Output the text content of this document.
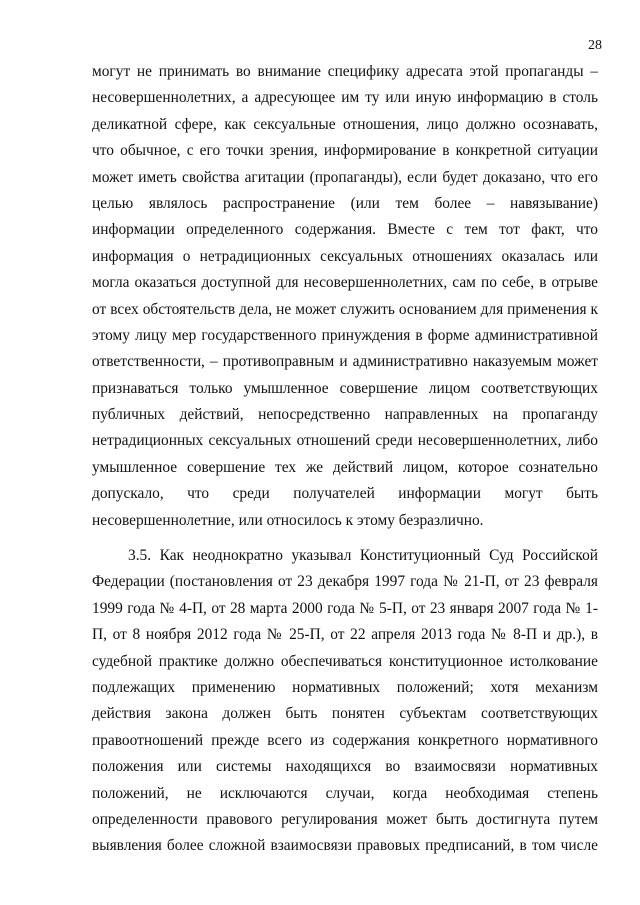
28
могут не принимать во внимание специфику адресата этой пропаганды –
несовершеннолетних, а адресующее им ту или иную информацию в столь
деликатной сфере, как сексуальные отношения, лицо должно осознавать,
что обычное, с его точки зрения, информирование в конкретной ситуации
может иметь свойства агитации (пропаганды), если будет доказано, что его
целью являлось распространение (или тем более – навязывание)
информации определенного содержания. Вместе с тем тот факт, что
информация о нетрадиционных сексуальных отношениях оказалась или
могла оказаться доступной для несовершеннолетних, сам по себе, в отрыве
от всех обстоятельств дела, не может служить основанием для применения к
этому лицу мер государственного принуждения в форме административной
ответственности, – противоправным и административно наказуемым может
признаваться только умышленное совершение лицом соответствующих
публичных действий, непосредственно направленных на пропаганду
нетрадиционных сексуальных отношений среди несовершеннолетних, либо
умышленное совершение тех же действий лицом, которое сознательно
допускало, что среди получателей информации могут быть
несовершеннолетние, или относилось к этому безразлично.
3.5. Как неоднократно указывал Конституционный Суд Российской
Федерации (постановления от 23 декабря 1997 года № 21-П, от 23 февраля
1999 года № 4-П, от 28 марта 2000 года № 5-П, от 23 января 2007 года № 1-
П, от 8 ноября 2012 года № 25-П, от 22 апреля 2013 года № 8-П и др.), в
судебной практике должно обеспечиваться конституционное истолкование
подлежащих применению нормативных положений; хотя механизм
действия закона должен быть понятен субъектам соответствующих
правоотношений прежде всего из содержания конкретного нормативного
положения или системы находящихся во взаимосвязи нормативных
положений, не исключаются случаи, когда необходимая степень
определенности правового регулирования может быть достигнута путем
выявления более сложной взаимосвязи правовых предписаний, в том числе
